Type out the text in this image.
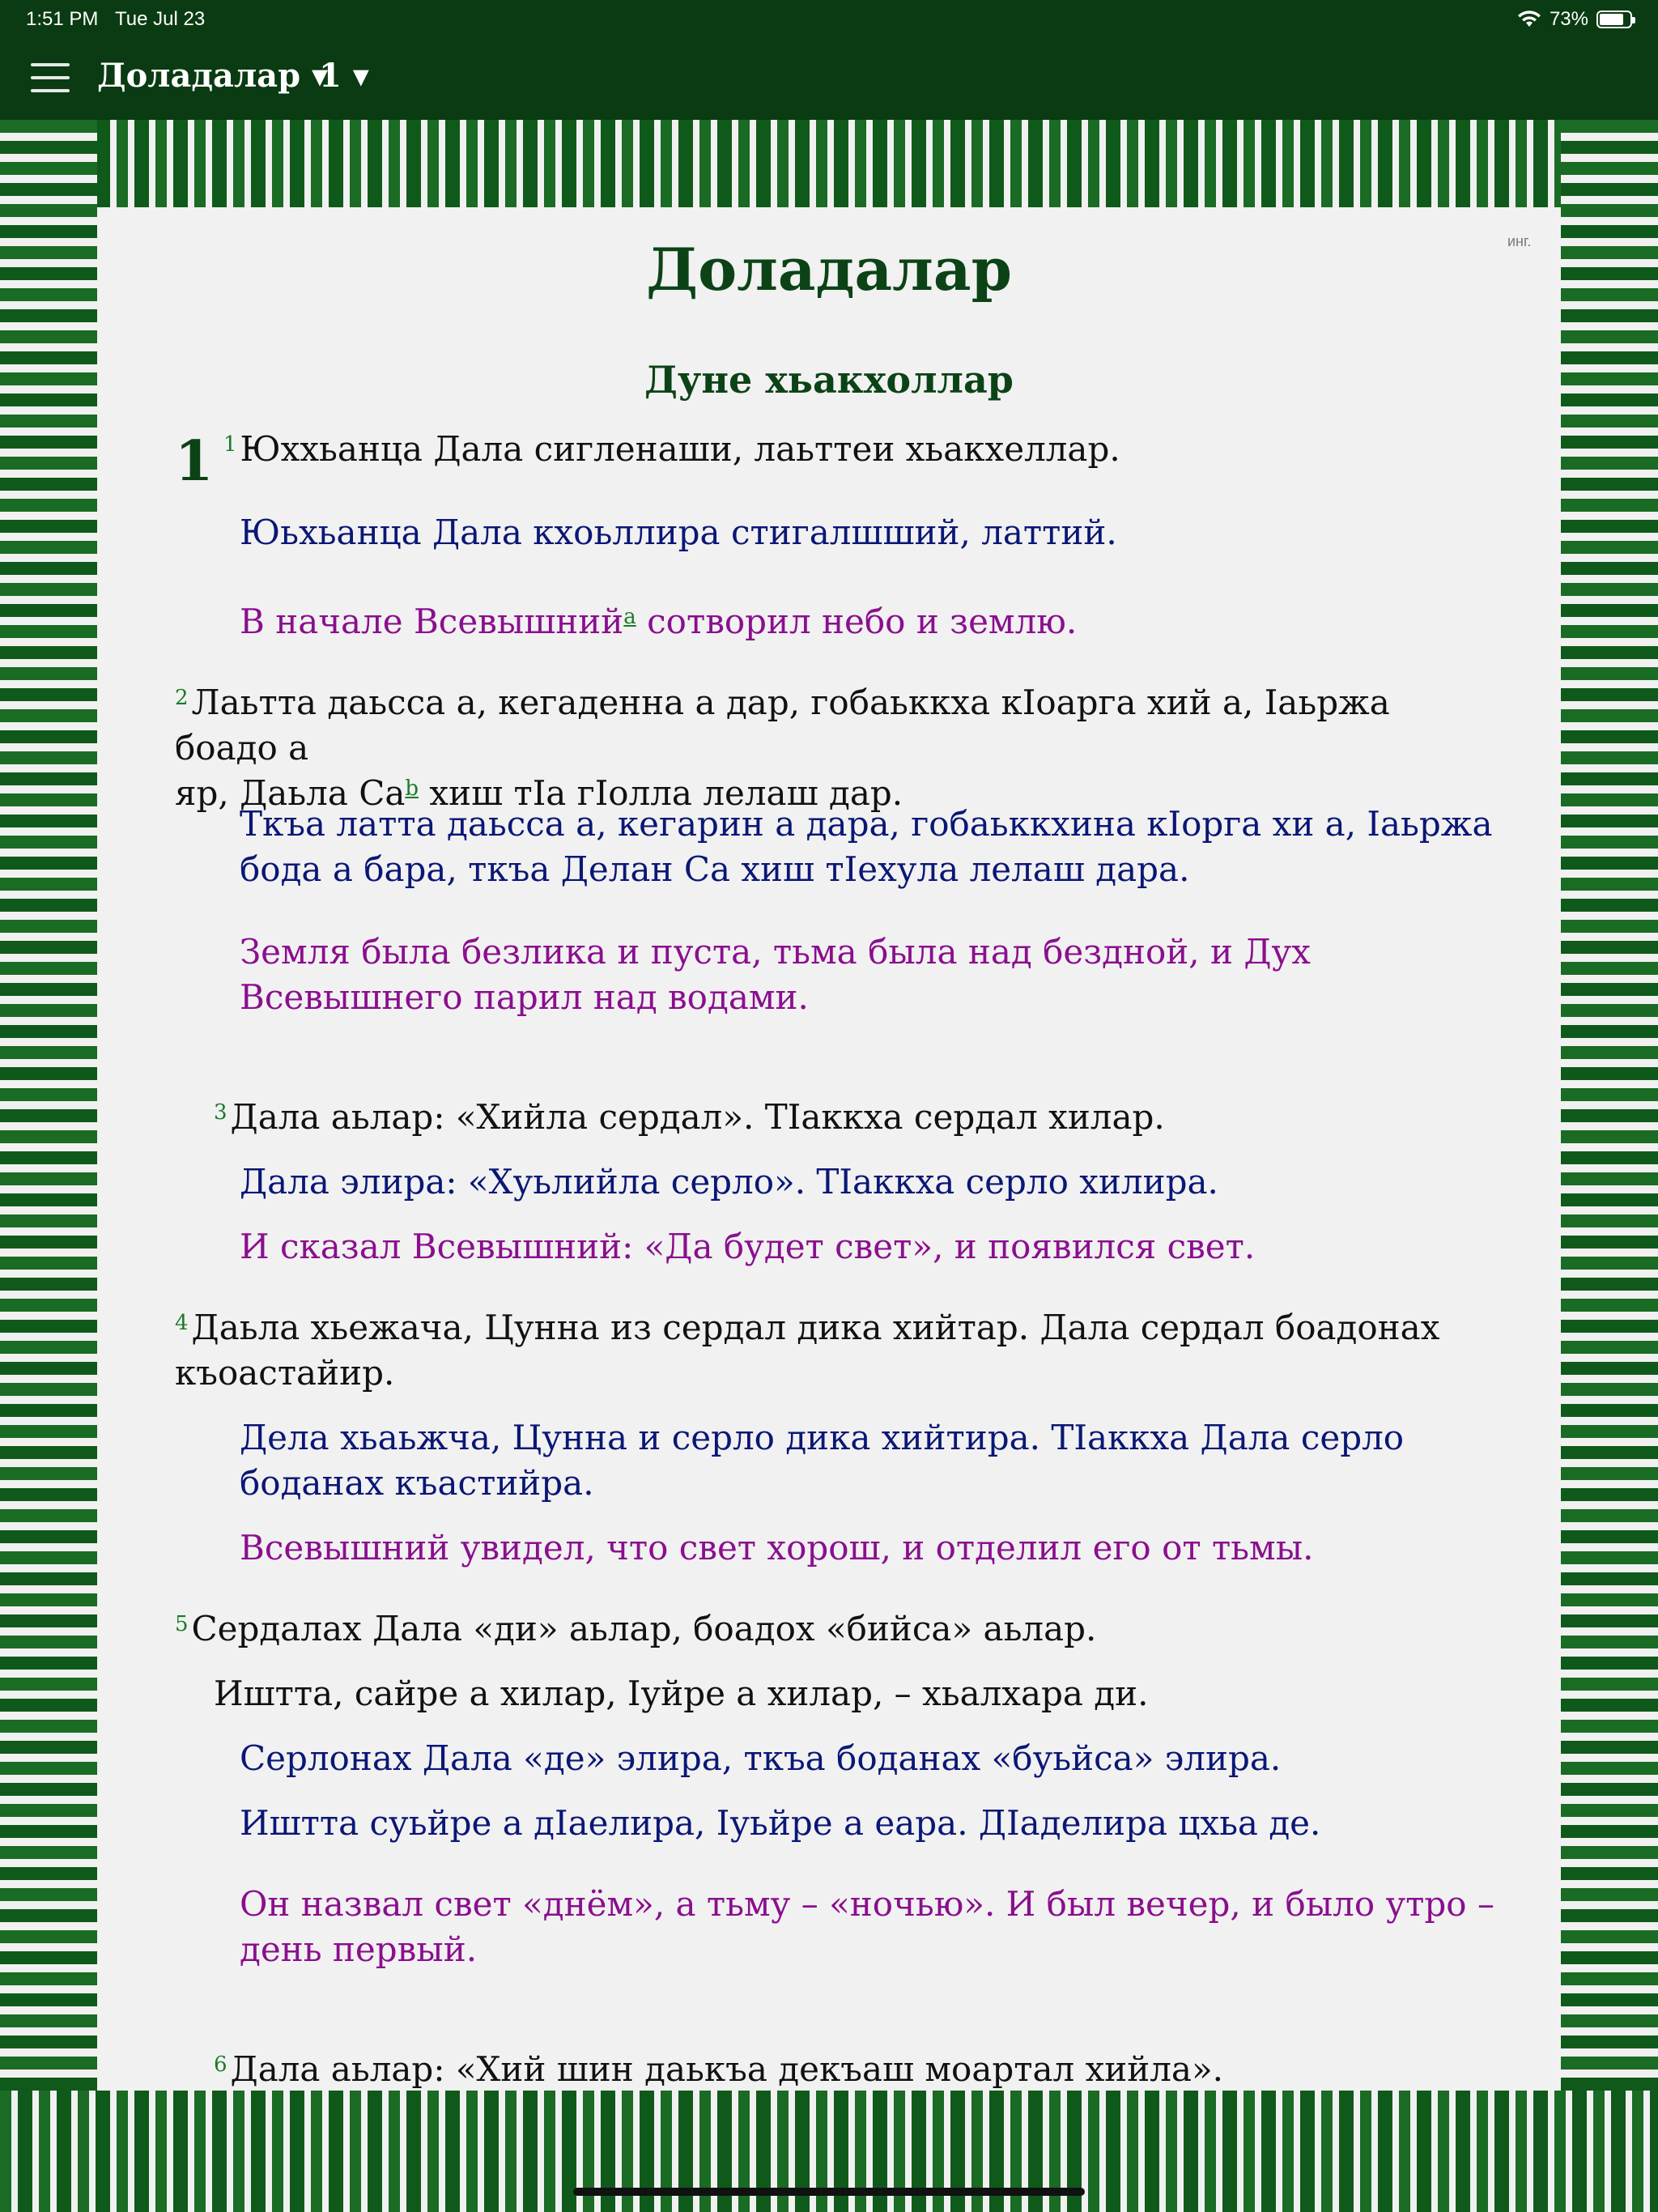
1:51 PM Tue Jul 23	73%
Доладалар ▾
1 ▾
инг.
Доладалар
Дуне хьакхоллар
1 $^1$Юххьанца Дала сигленаши, лаьттеи хьакхеллар.
Юьхьанца Дала кхоьллира стигалшший, латтий.
В начале Всевышний$^a$ сотворил небо и землю.
$^2$Лаьтта даьсса а, кегаденна а дар, гобаьккха кІоарга хий а, Іаьржа боадо а
яр, Даьла Са$^b$ хиш тІа гІолла лелаш дар.
Ткъа латта даьсса а, кегарин а дара, гобаьккхина кІорга хи а, Іаьржа
бода а бара, ткъа Делан Са хиш тІехула лелаш дара.
Земля была безлика и пуста, тьма была над бездной, и Дух
Всевышнего парил над водами.
$^3$Дала аьлар: «Хийла сердал». ТІаккха сердал хилар.
Дала элира: «Хуьлийла серло». ТІаккха серло хилира.
И сказал Всевышний: «Да будет свет», и появился свет.
$^4$Даьла хьежача, Цунна из сердал дика хийтар. Дала сердал боадонах
къоастайир.
Дела хьаьжча, Цунна и серло дика хийтира. ТІаккха Дала серло
боданах къастийра.
Всевышний увидел, что свет хорош, и отделил его от тьмы.
$^5$Сердалах Дала «ди» аьлар, боадох «бийса» аьлар.
Иштта, сайре а хилар, Іуйре а хилар, – хьалхара ди.
Серлонах Дала «де» элира, ткъа боданах «буьйса» элира.
Иштта суьйре а дІаелира, Іуьйре а еара. ДІаделира цхьа де.
Он назвал свет «днём», а тьму – «ночью». И был вечер, и было утро –
день первый.
$^6$Дала аьлар: «Хий шин даькъа декъаш моартал хийла».
